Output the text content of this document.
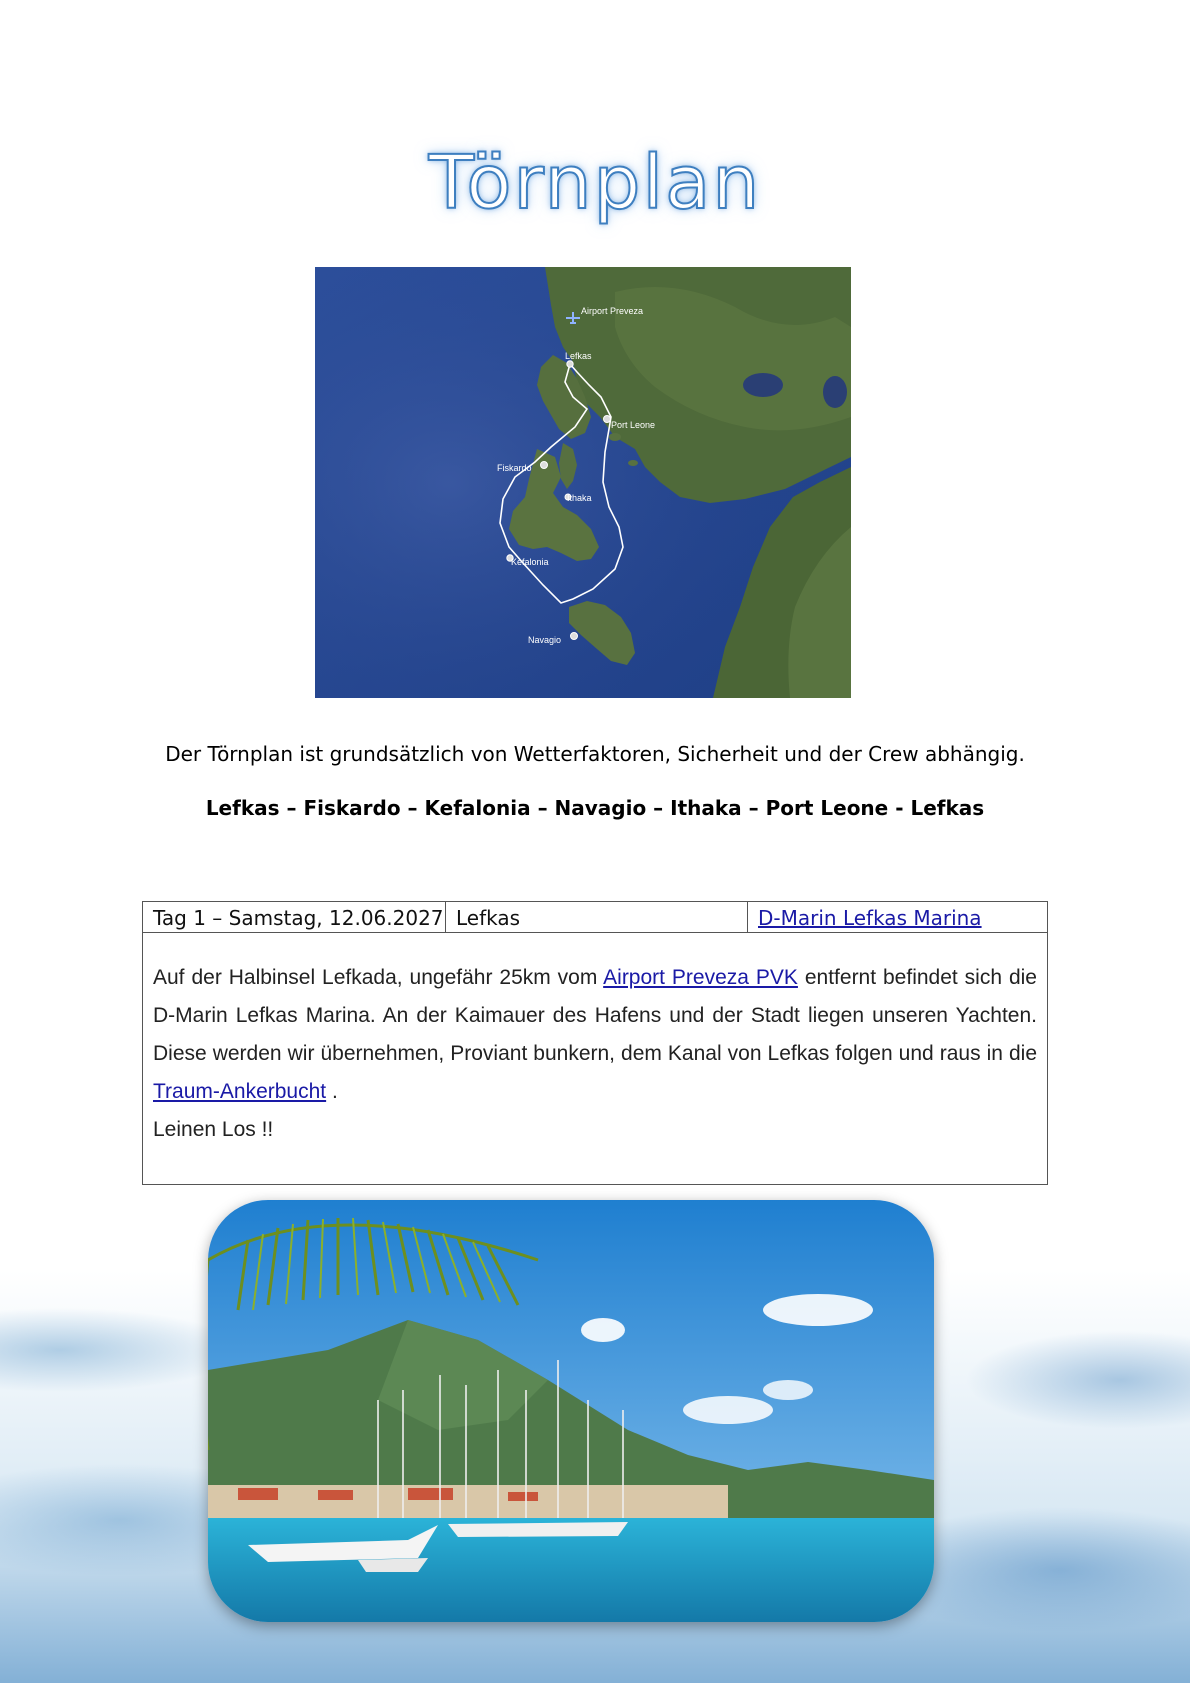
Törnplan
Airport Preveza
Lefkas
Port Leone
Fiskardo
Ithaka
Kefalonia
Navagio
Der Törnplan ist grundsätzlich von Wetterfaktoren, Sicherheit und der Crew abhängig.
Lefkas – Fiskardo – Kefalonia – Navagio – Ithaka – Port Leone - Lefkas
Tag 1 – Samstag, 12.06.2027 Lefkas	D-Marin Lefkas Marina
Auf der Halbinsel Lefkada, ungefähr 25km vom Airport Preveza PVK entfernt befindet sich die D-Marin Lefkas Marina. An der Kaimauer des Hafens und der Stadt liegen unseren Yachten. Diese werden wir übernehmen, Proviant bunkern, dem Kanal von Lefkas folgen und raus in die Traum-Ankerbucht .
Leinen Los !!
